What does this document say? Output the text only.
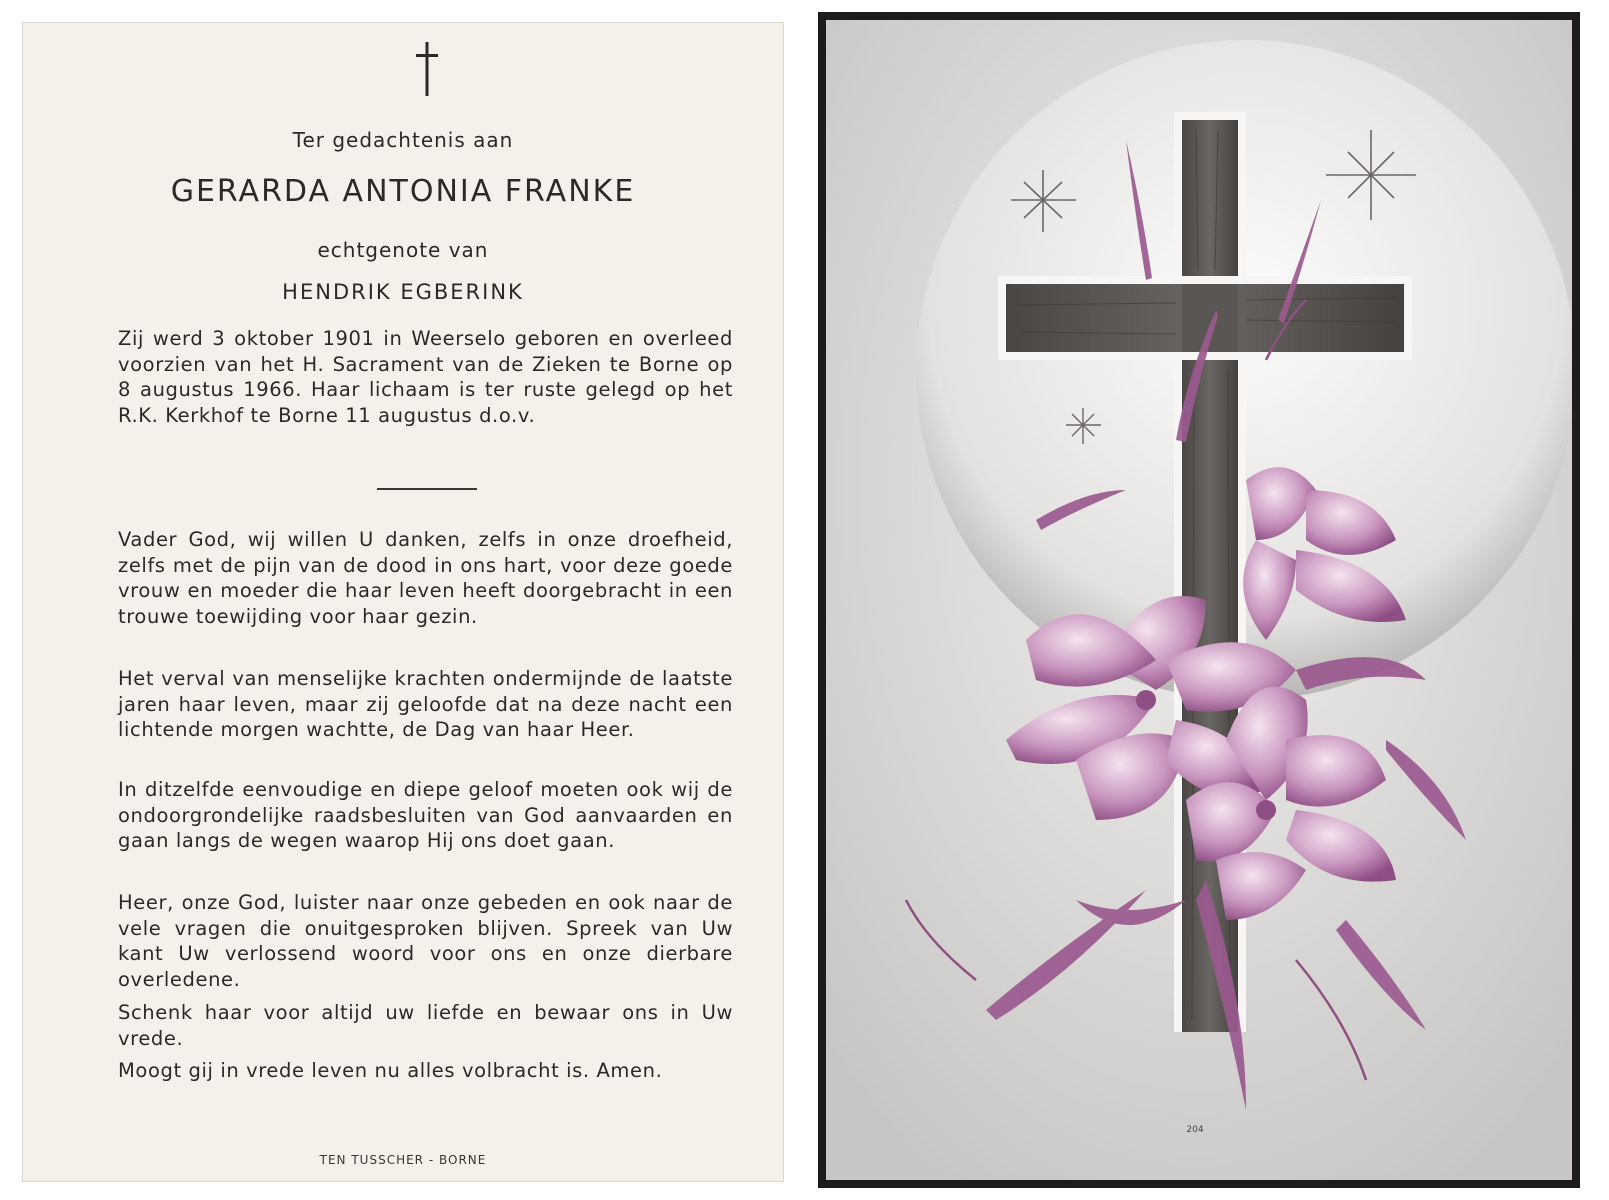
Ter gedachtenis aan
GERARDA ANTONIA FRANKE
echtgenote van
HENDRIK EGBERINK

Zij werd 3 oktober 1901 in Weerselo geboren en overleed voorzien van het H. Sacrament van de Zieken te Borne op 8 augustus 1966. Haar lichaam is ter ruste gelegd op het R.K. Kerkhof te Borne 11 augustus d.o.v.

Vader God, wij willen U danken, zelfs in onze droefheid, zelfs met de pijn van de dood in ons hart, voor deze goede vrouw en moeder die haar leven heeft doorgebracht in een trouwe toewijding voor haar gezin.

Het verval van menselijke krachten ondermijnde de laatste jaren haar leven, maar zij geloofde dat na deze nacht een lichtende morgen wachtte, de Dag van haar Heer.

In ditzelfde eenvoudige en diepe geloof moeten ook wij de ondoorgrondelijke raadsbesluiten van God aanvaarden en gaan langs de wegen waarop Hij ons doet gaan.

Heer, onze God, luister naar onze gebeden en ook naar de vele vragen die onuitgesproken blijven. Spreek van Uw kant Uw verlossend woord voor ons en onze dierbare overledene.

Schenk haar voor altijd uw liefde en bewaar ons in Uw vrede.

Moogt gij in vrede leven nu alles volbracht is. Amen.

TEN TUSSCHER - BORNE
204
